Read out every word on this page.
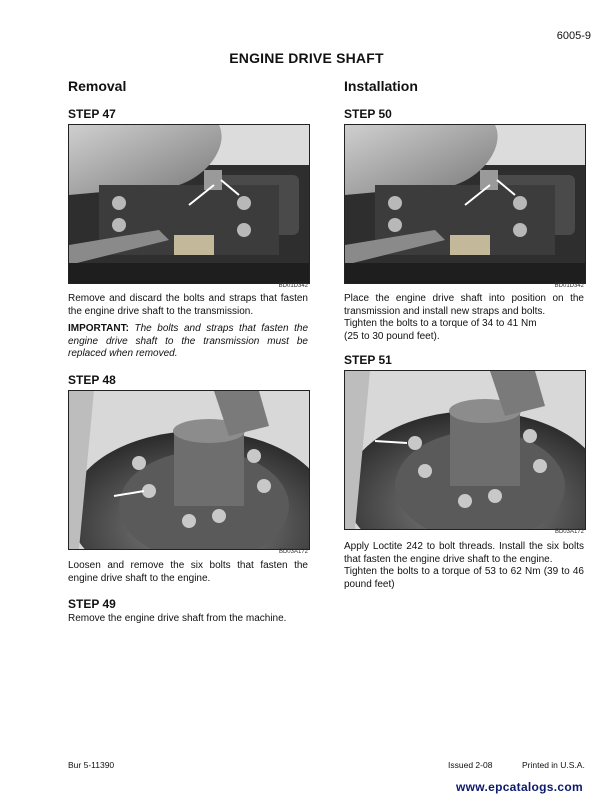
6005-9
ENGINE DRIVE SHAFT
Removal
STEP 47
BD01D342
Remove and discard the bolts and straps that fasten the engine drive shaft to the transmission.
IMPORTANT: The bolts and straps that fasten the engine drive shaft to the transmission must be replaced when removed.
STEP 48
BD03A172
Loosen and remove the six bolts that fasten the engine drive shaft to the engine.
STEP 49
Remove the engine drive shaft from the machine.
Installation
STEP 50
BD01D342
Place the engine drive shaft into position on the transmission and install new straps and bolts.
Tighten the bolts to a torque of 34 to 41 Nm
(25 to 30 pound feet).
STEP 51
BD03A172
Apply Loctite 242 to bolt threads. Install the six bolts that fasten the engine drive shaft to the engine.
Tighten the bolts to a torque of 53 to 62 Nm (39 to 46 pound feet)
Bur 5-11390	Issued 2-08	Printed in U.S.A.
www.epcatalogs.com
